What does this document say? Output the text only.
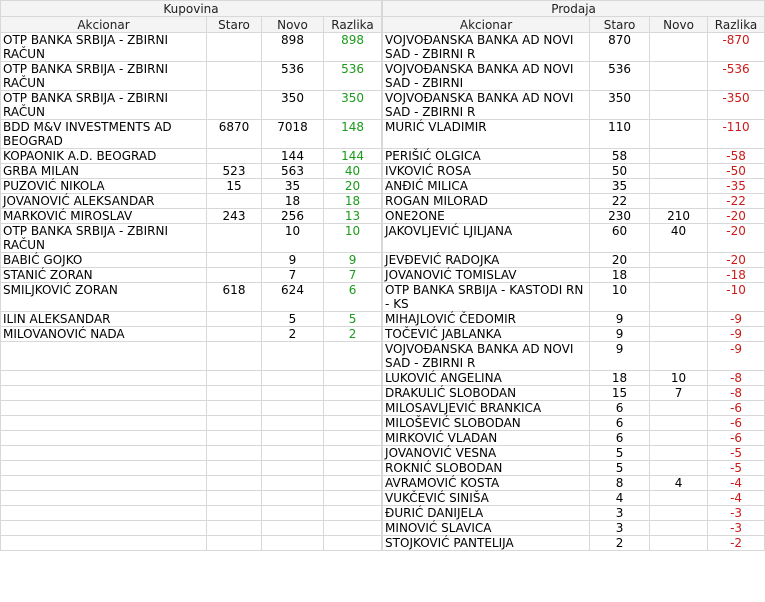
Kupovina			
Akcionar	Staro	Novo	Razlika
OTP BANKA SRBIJA - ZBIRNI RAČUN		898	898
OTP BANKA SRBIJA - ZBIRNI RAČUN		536	536
OTP BANKA SRBIJA - ZBIRNI RAČUN		350	350
BDD M&V INVESTMENTS AD BEOGRAD	6870	7018	148
KOPAONIK A.D. BEOGRAD		144	144
GRBA MILAN	523	563	40
PUZOVIĆ NIKOLA	15	35	20
JOVANOVIĆ ALEKSANDAR		18	18
MARKOVIĆ MIROSLAV	243	256	13
OTP BANKA SRBIJA - ZBIRNI RAČUN		10	10
BABIĆ GOJKO		9	9
STANIĆ ZORAN		7	7
SMILJKOVIĆ ZORAN	618	624	6
ILIN ALEKSANDAR		5	5
MILOVANOVIĆ NADA		2	2

Prodaja			
Akcionar	Staro	Novo	Razlika
VOJVOĐANSKA BANKA AD NOVI SAD - ZBIRNI R	870		-870
VOJVOĐANSKA BANKA AD NOVI SAD - ZBIRNI	536		-536
VOJVOĐANSKA BANKA AD NOVI SAD - ZBIRNI R	350		-350
MURIĆ VLADIMIR	110		-110
PERIŠIĆ OLGICA	58		-58
IVKOVIĆ ROSA	50		-50
ANĐIĆ MILICA	35		-35
ROGAN MILORAD	22		-22
ONE2ONE	230	210	-20
JAKOVLJEVIĆ LJILJANA	60	40	-20
JEVĐEVIĆ RADOJKA	20		-20
JOVANOVIĆ TOMISLAV	18		-18
OTP BANKA SRBIJA - KASTODI RN - KS	10		-10
MIHAJLOVIĆ ČEDOMIR	9		-9
TOČEVIĆ JABLANKA	9		-9
VOJVOĐANSKA BANKA AD NOVI SAD - ZBIRNI R	9		-9
LUKOVIĆ ANGELINA	18	10	-8
DRAKULIĆ SLOBODAN	15	7	-8
MILOSAVLJEVIĆ BRANKICA	6		-6
MILOŠEVIĆ SLOBODAN	6		-6
MIRKOVIĆ VLADAN	6		-6
JOVANOVIĆ VESNA	5		-5
ROKNIĆ SLOBODAN	5		-5
AVRAMOVIĆ KOSTA	8	4	-4
VUKČEVIĆ SINIŠA	4		-4
ĐURIĆ DANIJELA	3		-3
MINOVIĆ SLAVICA	3		-3
STOJKOVIĆ PANTELIJA	2		-2
